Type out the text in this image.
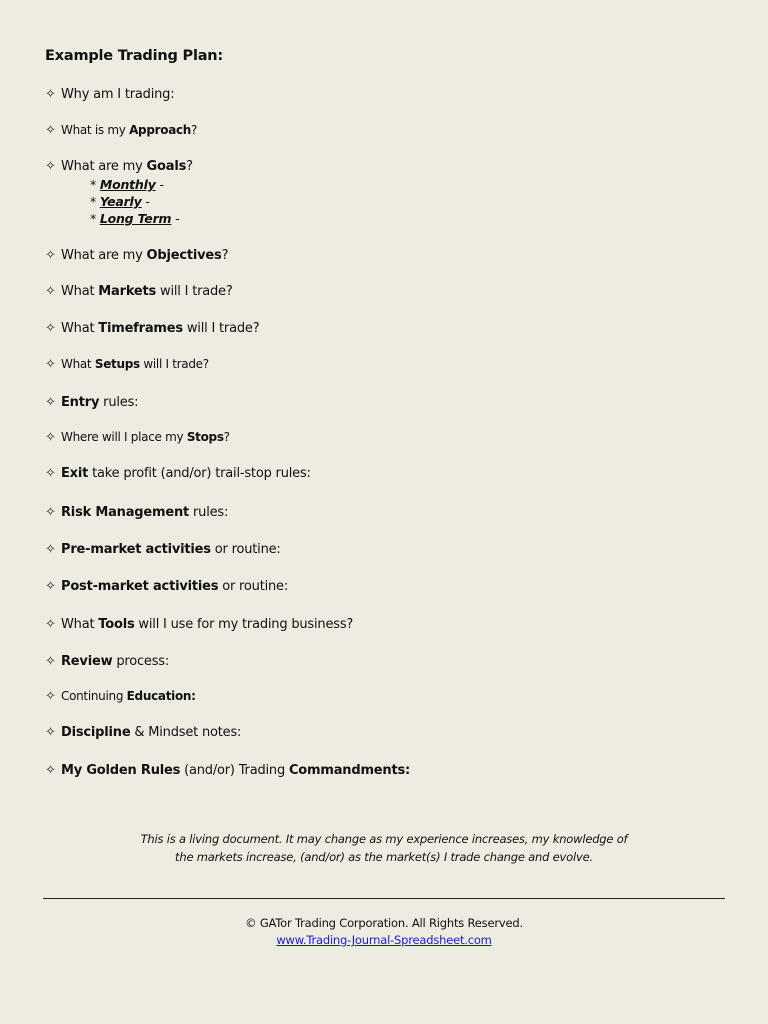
Example Trading Plan:
✧ Why am I trading:
✧ What is my Approach?
✧ What are my Goals?
✧ What are my Objectives?
✧ What Markets will I trade?
✧ What Timeframes will I trade?
✧ What Setups will I trade?
✧ Entry rules:
✧ Where will I place my Stops?
✧ Exit take profit (and/or) trail-stop rules:
✧ Risk Management rules:
✧ Pre-market activities or routine:
✧ Post-market activities or routine:
✧ What Tools will I use for my trading business?
✧ Review process:
✧ Continuing Education:
✧ Discipline & Mindset notes:
✧ My Golden Rules (and/or) Trading Commandments:
* Monthly -
* Yearly -
* Long Term -
This is a living document. It may change as my experience increases, my knowledge of
the markets increase, (and/or) as the market(s) I trade change and evolve.
© GATor Trading Corporation. All Rights Reserved.
www.Trading-Journal-Spreadsheet.com
